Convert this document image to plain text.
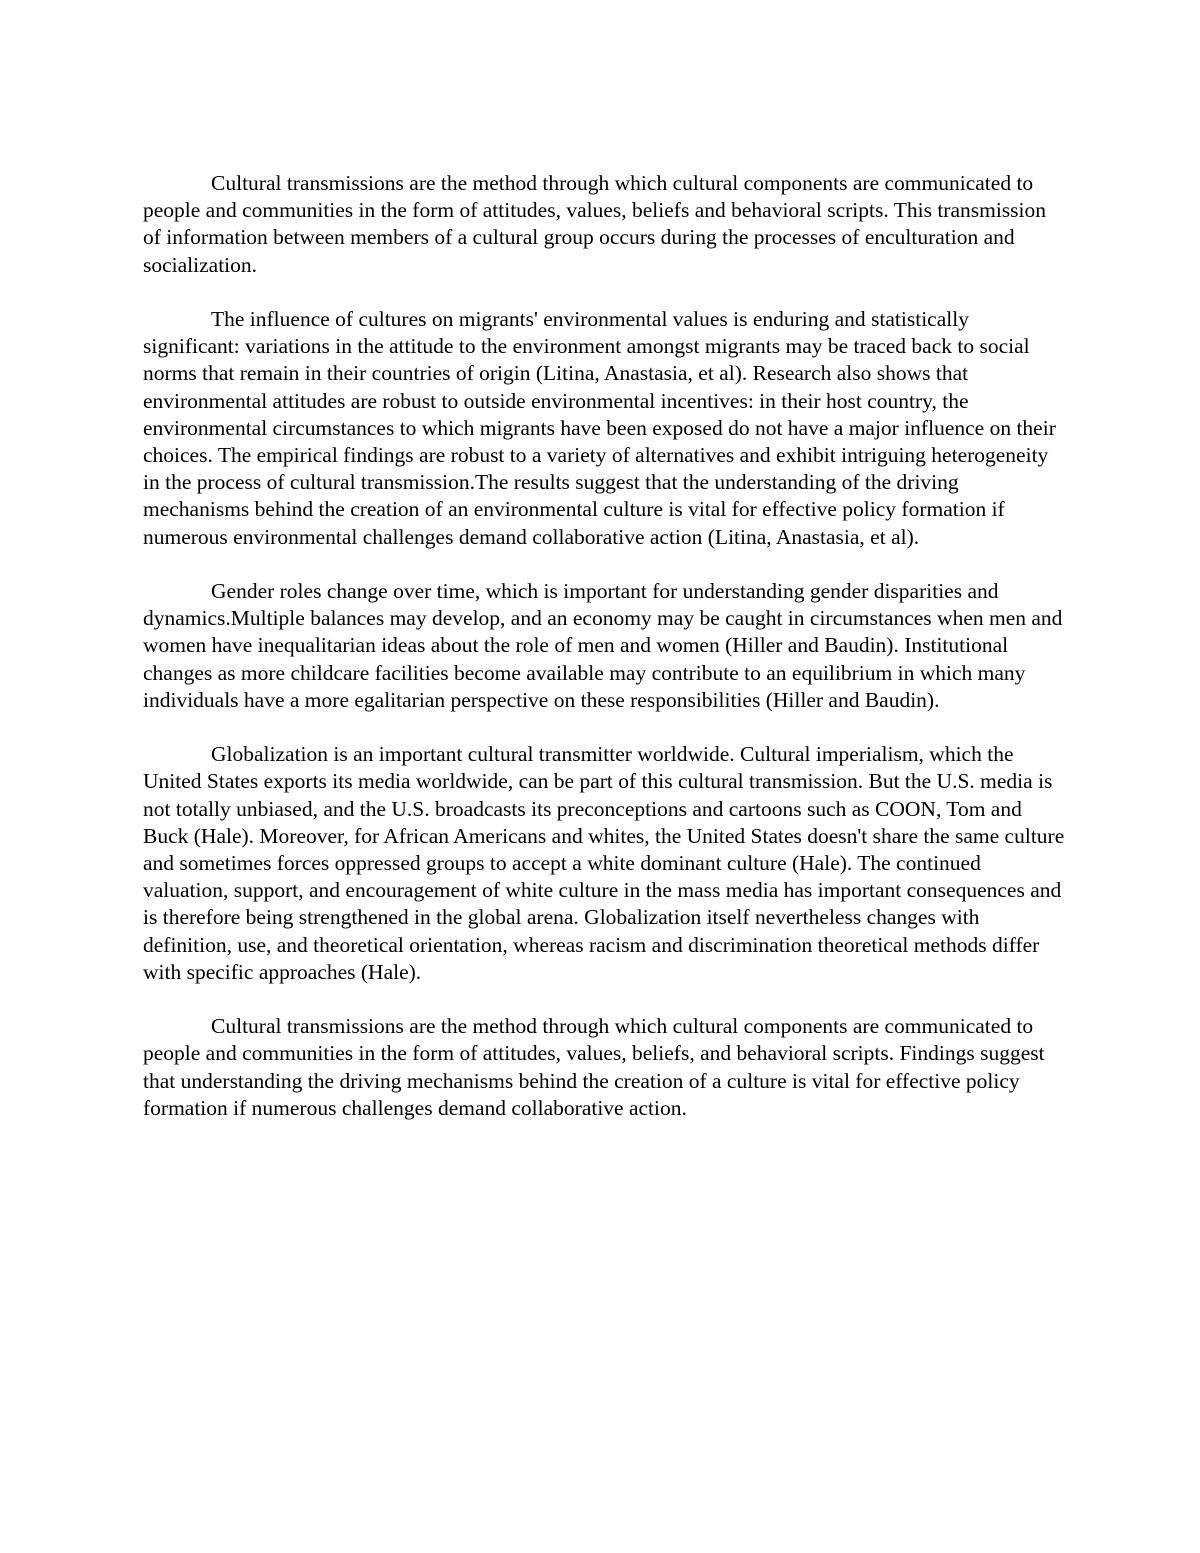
Cultural transmissions are the method through which cultural components are communicated to people and communities in the form of attitudes, values, beliefs and behavioral scripts. This transmission of information between members of a cultural group occurs during the processes of enculturation and socialization.

The influence of cultures on migrants' environmental values is enduring and statistically significant: variations in the attitude to the environment amongst migrants may be traced back to social norms that remain in their countries of origin (Litina, Anastasia, et al). Research also shows that environmental attitudes are robust to outside environmental incentives: in their host country, the environmental circumstances to which migrants have been exposed do not have a major influence on their choices. The empirical findings are robust to a variety of alternatives and exhibit intriguing heterogeneity in the process of cultural transmission.The results suggest that the understanding of the driving mechanisms behind the creation of an environmental culture is vital for effective policy formation if numerous environmental challenges demand collaborative action (Litina, Anastasia, et al).

Gender roles change over time, which is important for understanding gender disparities and dynamics.Multiple balances may develop, and an economy may be caught in circumstances when men and women have inequalitarian ideas about the role of men and women (Hiller and Baudin). Institutional changes as more childcare facilities become available may contribute to an equilibrium in which many individuals have a more egalitarian perspective on these responsibilities (Hiller and Baudin).

Globalization is an important cultural transmitter worldwide. Cultural imperialism, which the United States exports its media worldwide, can be part of this cultural transmission. But the U.S. media is not totally unbiased, and the U.S. broadcasts its preconceptions and cartoons such as COON, Tom and Buck (Hale). Moreover, for African Americans and whites, the United States doesn't share the same culture and sometimes forces oppressed groups to accept a white dominant culture (Hale). The continued valuation, support, and encouragement of white culture in the mass media has important consequences and is therefore being strengthened in the global arena. Globalization itself nevertheless changes with definition, use, and theoretical orientation, whereas racism and discrimination theoretical methods differ with specific approaches (Hale).

Cultural transmissions are the method through which cultural components are communicated to people and communities in the form of attitudes, values, beliefs, and behavioral scripts. Findings suggest that understanding the driving mechanisms behind the creation of a culture is vital for effective policy formation if numerous challenges demand collaborative action.
